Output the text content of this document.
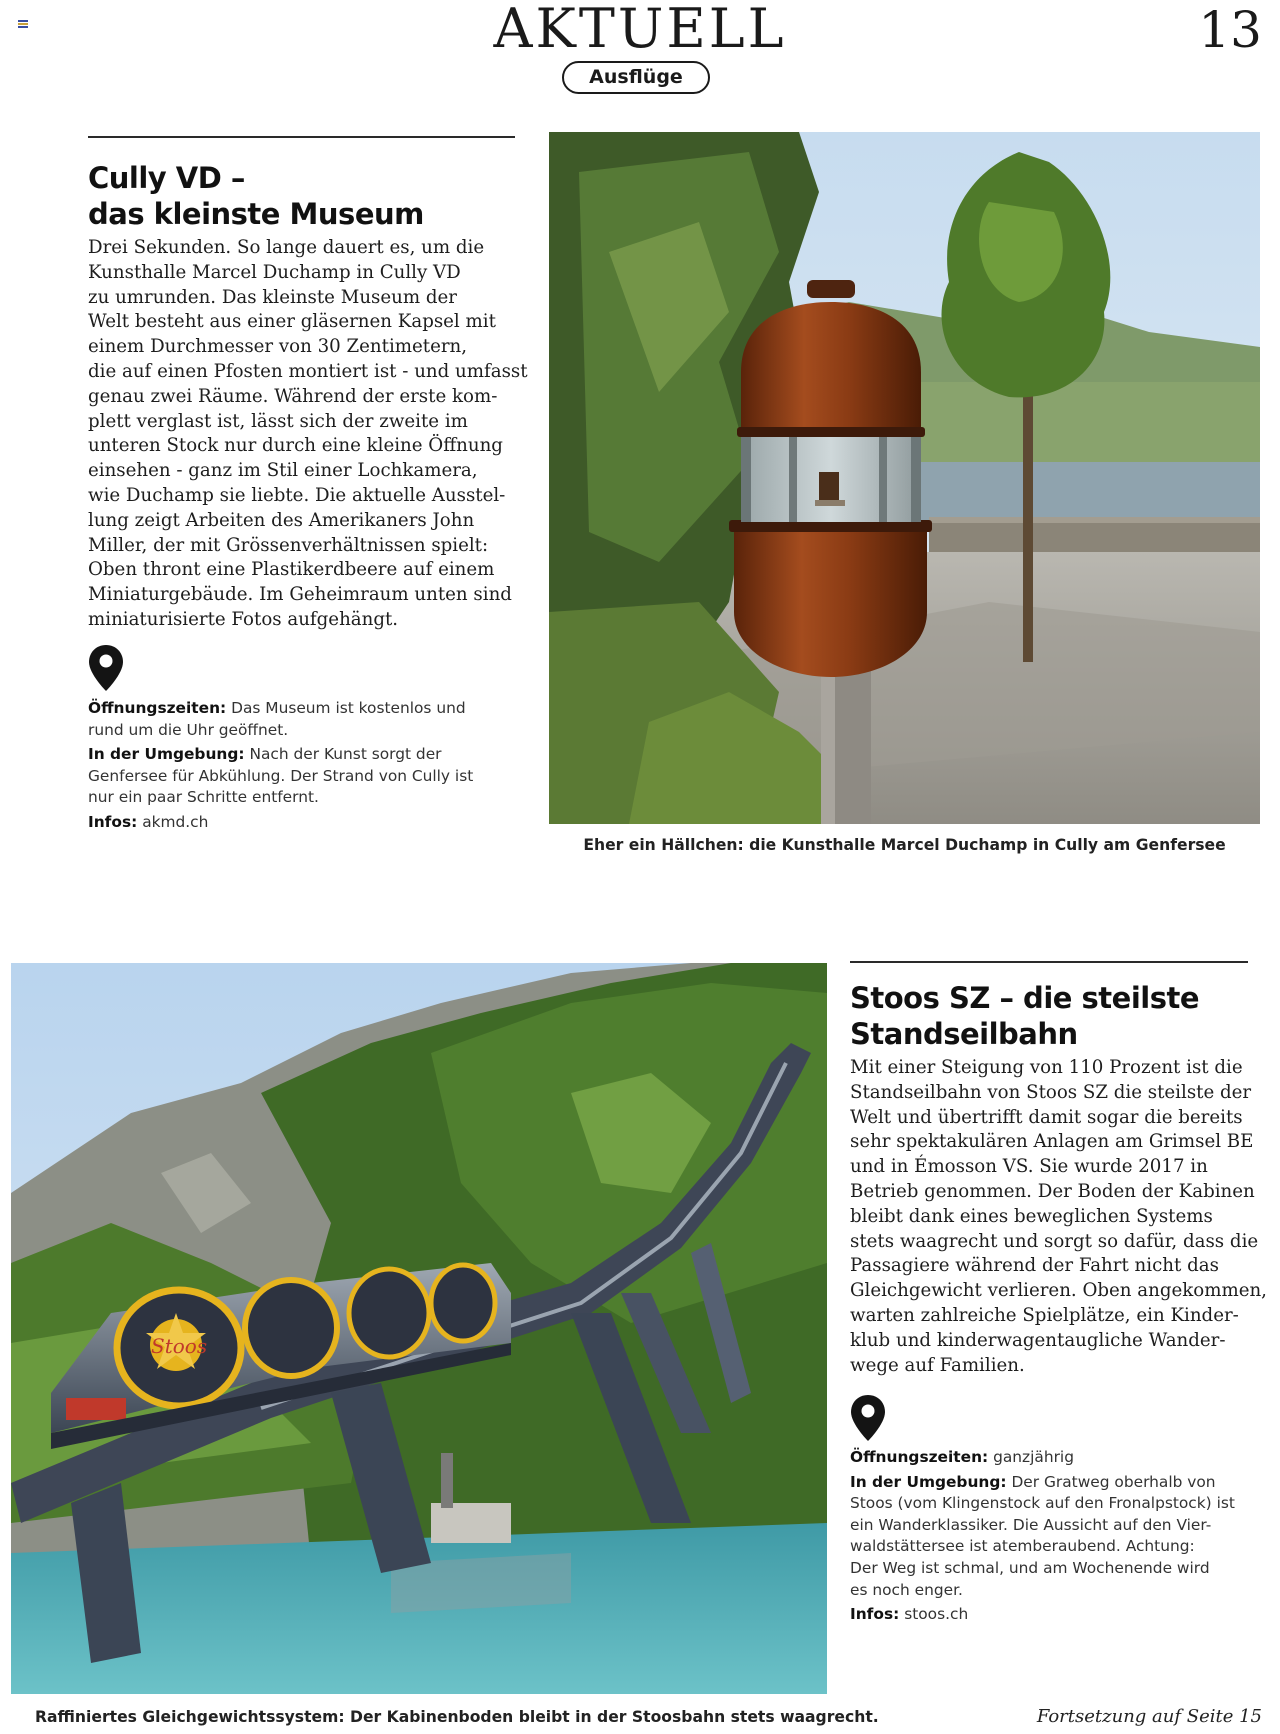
AKTUELL
Ausflüge
13
Cully VD –
das kleinste Museum
Drei Sekunden. So lange dauert es, um die
Kunsthalle Marcel Duchamp in Cully VD
zu umrunden. Das kleinste Museum der
Welt besteht aus einer gläsernen Kapsel mit
einem Durchmesser von 30 Zentimetern,
die auf einen Pfosten montiert ist - und umfasst
genau zwei Räume. Während der erste kom-
plett verglast ist, lässt sich der zweite im
unteren Stock nur durch eine kleine Öffnung
einsehen - ganz im Stil einer Lochkamera,
wie Duchamp sie liebte. Die aktuelle Ausstel-
lung zeigt Arbeiten des Amerikaners John
Miller, der mit Grössenverhältnissen spielt:
Oben thront eine Plastikerdbeere auf einem
Miniaturgebäude. Im Geheimraum unten sind
miniaturisierte Fotos aufgehängt.

Öffnungszeiten: Das Museum ist kostenlos und
rund um die Uhr geöffnet.

In der Umgebung: Nach der Kunst sorgt der
Genfersee für Abkühlung. Der Strand von Cully ist
nur ein paar Schritte entfernt.

Infos: akmd.ch

Eher ein Hällchen: die Kunsthalle Marcel Duchamp in Cully am Genfersee
Stoos
Raffiniertes Gleichgewichtssystem: Der Kabinenboden bleibt in der Stoosbahn stets waagrecht.
Stoos SZ – die steilste
Standseilbahn
Mit einer Steigung von 110 Prozent ist die
Standseilbahn von Stoos SZ die steilste der
Welt und übertrifft damit sogar die bereits
sehr spektakulären Anlagen am Grimsel BE
und in Émosson VS. Sie wurde 2017 in
Betrieb genommen. Der Boden der Kabinen
bleibt dank eines beweglichen Systems
stets waagrecht und sorgt so dafür, dass die
Passagiere während der Fahrt nicht das
Gleichgewicht verlieren. Oben angekommen,
warten zahlreiche Spielplätze, ein Kinder-
klub und kinderwagentaugliche Wander-
wege auf Familien.

Öffnungszeiten: ganzjährig

In der Umgebung: Der Gratweg oberhalb von
Stoos (vom Klingenstock auf den Fronalpstock) ist
ein Wanderklassiker. Die Aussicht auf den Vier-
waldstättersee ist atemberaubend. Achtung:
Der Weg ist schmal, und am Wochenende wird
es noch enger.

Infos: stoos.ch

Fortsetzung auf Seite 15
